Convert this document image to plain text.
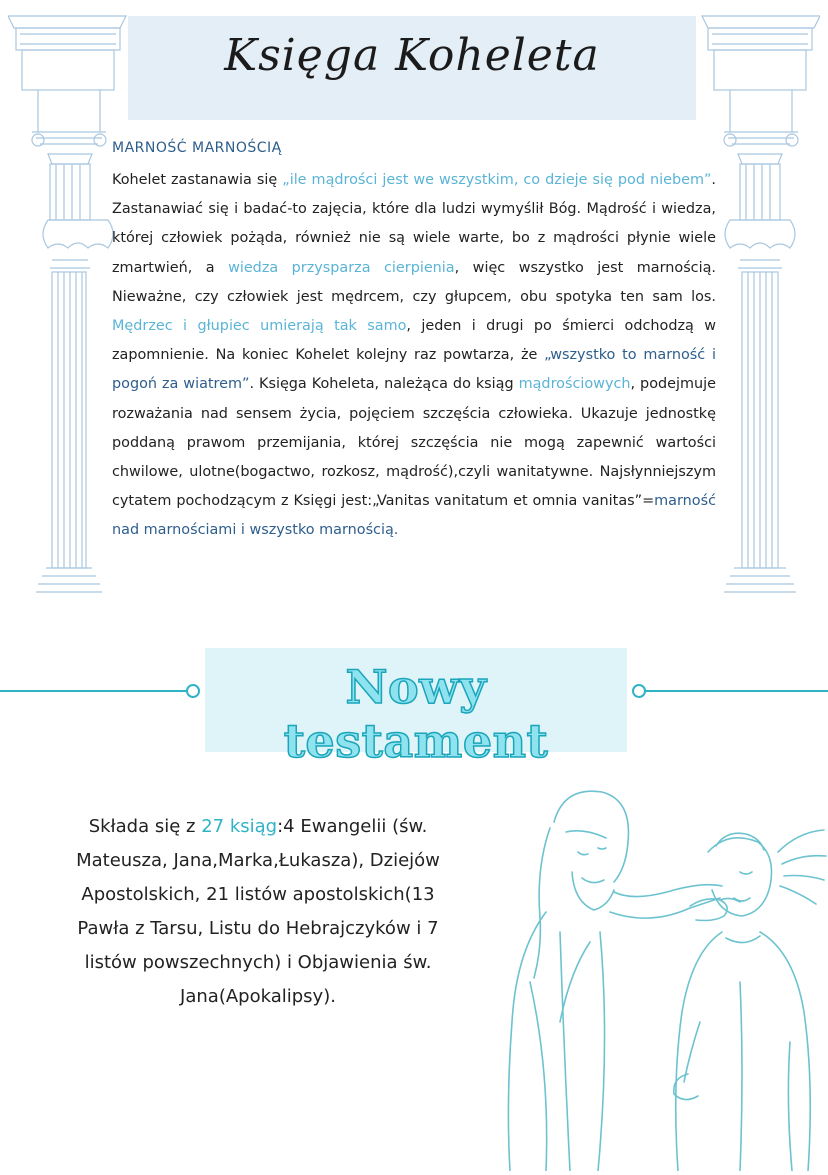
Księga Koheleta
MARNOŚĆ MARNOŚCIĄ
Kohelet zastanawia się „ile mądrości jest we wszystkim, co dzieje się pod niebem”. Zastanawiać się i badać-to zajęcia, które dla ludzi wymyślił Bóg. Mądrość i wiedza, której człowiek pożąda, również nie są wiele warte, bo z mądrości płynie wiele zmartwień, a wiedza przysparza cierpienia, więc wszystko jest marnością. Nieważne, czy człowiek jest mędrcem, czy głupcem, obu spotyka ten sam los. Mędrzec i głupiec umierają tak samo, jeden i drugi po śmierci odchodzą w zapomnienie. Na koniec Kohelet kolejny raz powtarza, że „wszystko to marność i pogoń za wiatrem”. Księga Koheleta, należąca do ksiąg mądrościowych, podejmuje rozważania nad sensem życia, pojęciem szczęścia człowieka. Ukazuje jednostkę poddaną prawom przemijania, której szczęścia nie mogą zapewnić wartości chwilowe, ulotne(bogactwo, rozkosz, mądrość),czyli wanitatywne. Najsłynniejszym cytatem pochodzącym z Księgi jest:„Vanitas vanitatum et omnia vanitas”=marność nad marnościami i wszystko marnością.
Nowy testament
Składa się z 27 ksiąg:4 Ewangelii (św. Mateusza, Jana,Marka,Łukasza), Dziejów Apostolskich, 21 listów apostolskich(13 Pawła z Tarsu, Listu do Hebrajczyków i 7 listów powszechnych) i Objawienia św. Jana(Apokalipsy).
